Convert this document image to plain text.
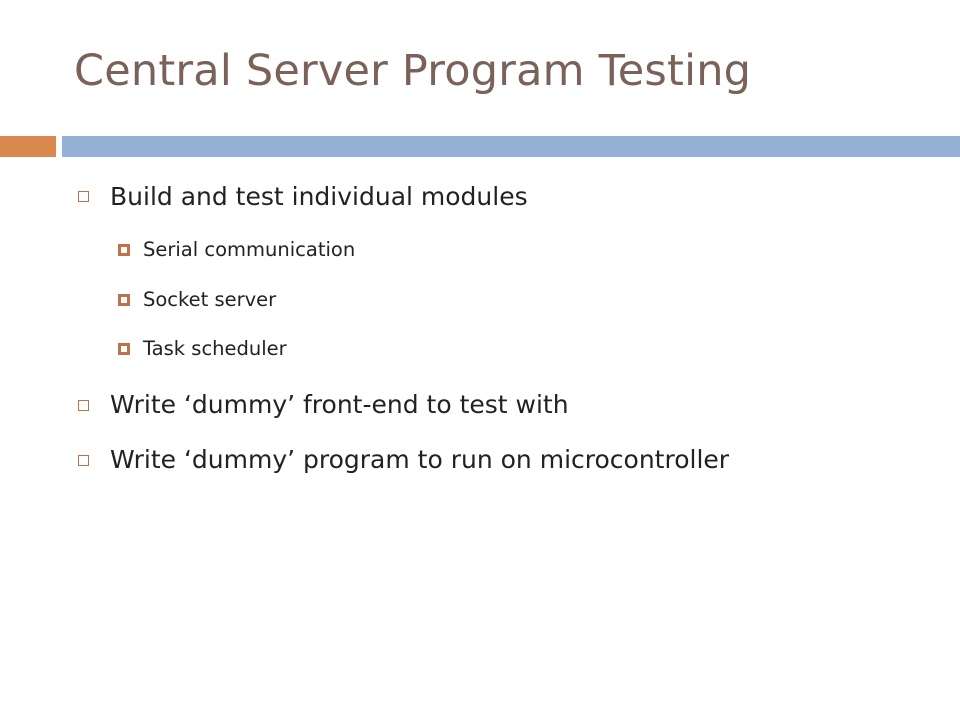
Central Server Program Testing
Build and test individual modules
Serial communication
Socket server
Task scheduler
Write ‘dummy’ front-end to test with
Write ‘dummy’ program to run on microcontroller
